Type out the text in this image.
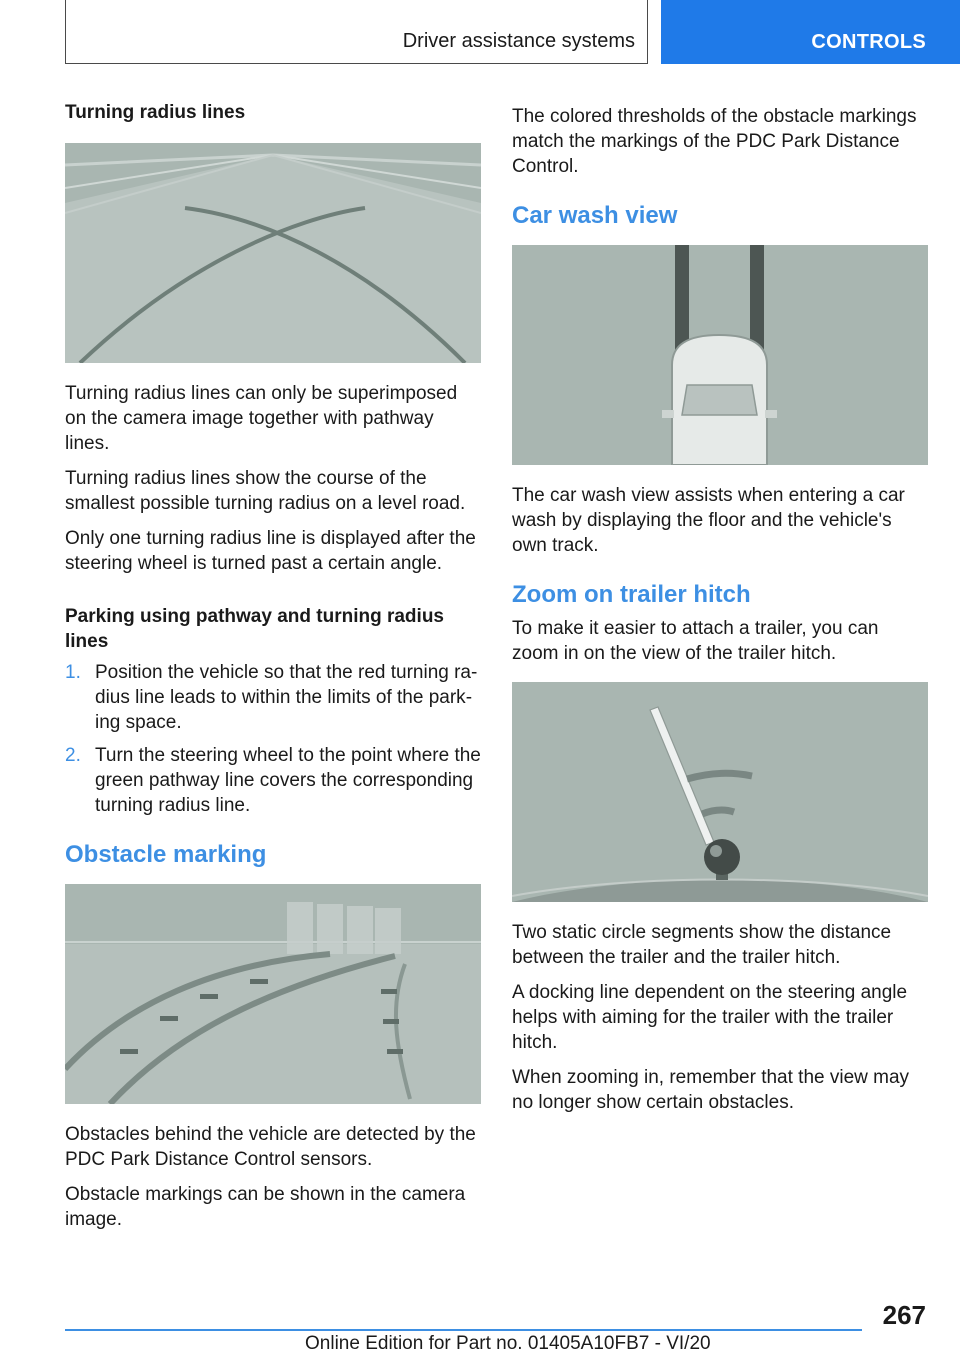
Driver assistance systems	CONTROLS
Turning radius lines

Turning radius lines can only be superimposed on the camera image together with pathway lines.

Turning radius lines show the course of the smallest possible turning radius on a level road.

Only one turning radius line is displayed after the steering wheel is turned past a certain angle.

Parking using pathway and turning radius lines
1. Position the vehicle so that the red turning radius line leads to within the limits of the parking space.
2. Turn the steering wheel to the point where the green pathway line covers the corresponding turning radius line.
Obstacle marking

Obstacles behind the vehicle are detected by the PDC Park Distance Control sensors.

Obstacle markings can be shown in the camera image.

The colored thresholds of the obstacle markings match the markings of the PDC Park Distance Control.

Car wash view

The car wash view assists when entering a car wash by displaying the floor and the vehicle's own track.

Zoom on trailer hitch

To make it easier to attach a trailer, you can zoom in on the view of the trailer hitch.

Two static circle segments show the distance between the trailer and the trailer hitch.

A docking line dependent on the steering angle helps with aiming for the trailer with the trailer hitch.

When zooming in, remember that the view may no longer show certain obstacles.

267
Online Edition for Part no. 01405A10FB7 - VI/20
